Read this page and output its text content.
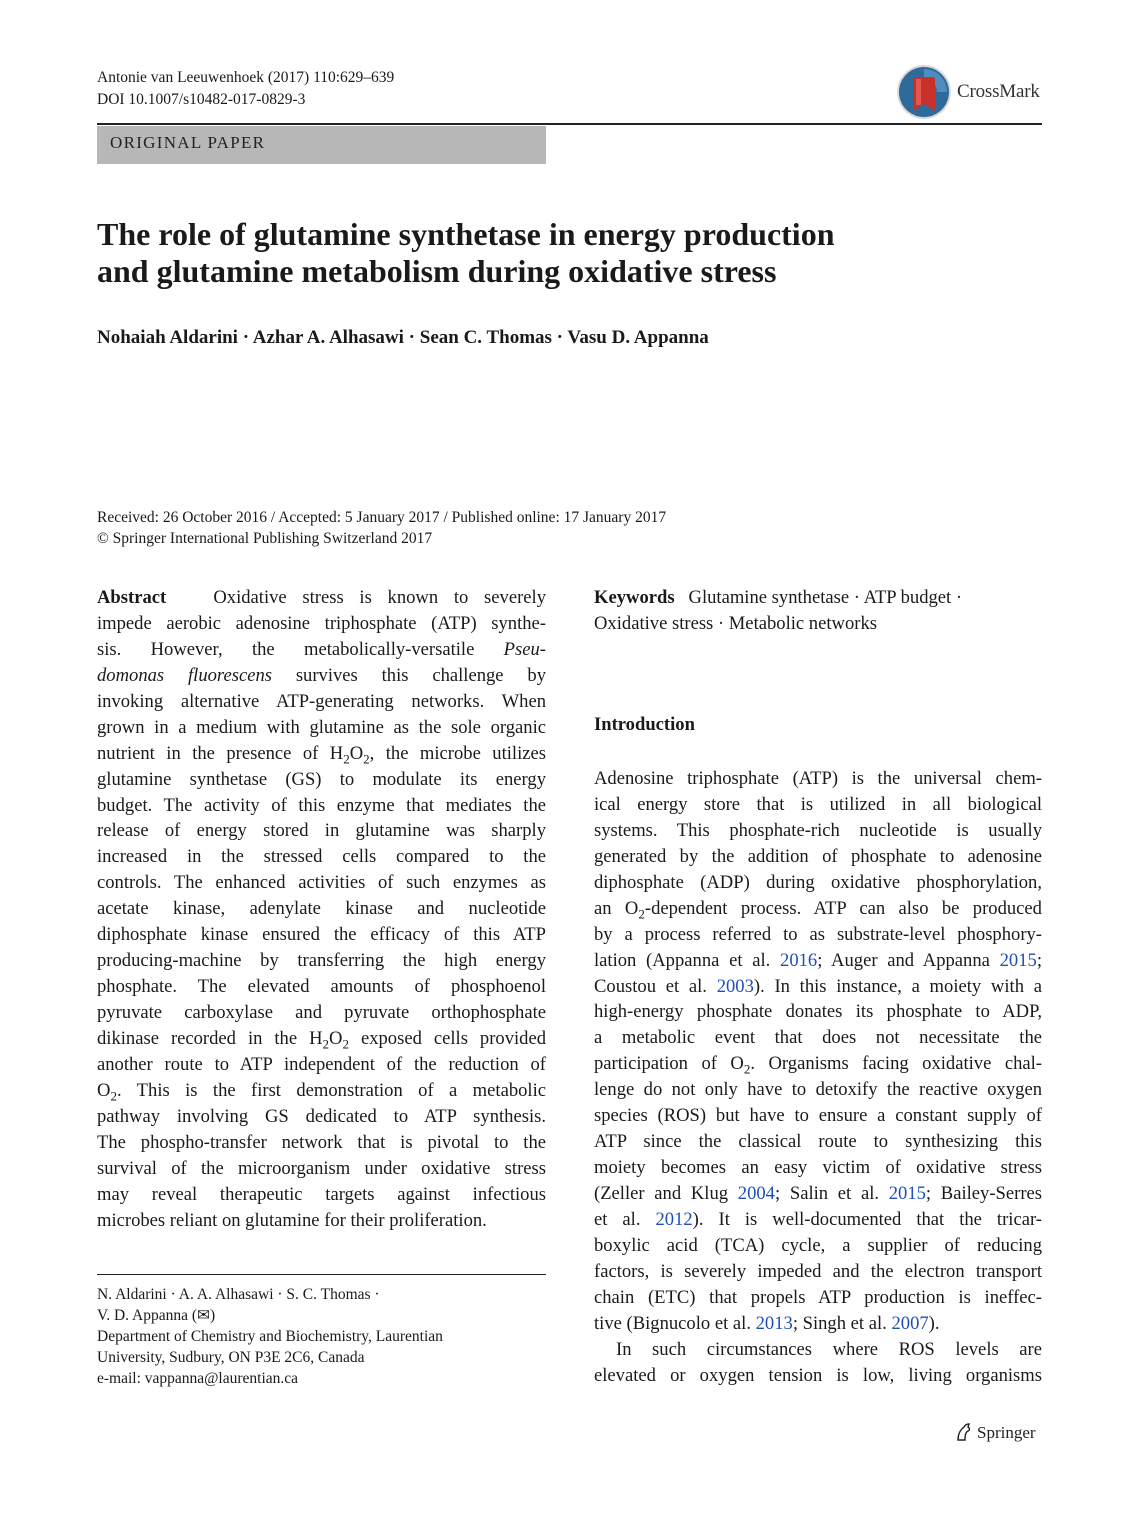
Antonie van Leeuwenhoek (2017) 110:629–639
DOI 10.1007/s10482-017-0829-3	CrossMark
ORIGINAL PAPER
The role of glutamine synthetase in energy production
and glutamine metabolism during oxidative stress
Nohaiah Aldarini · Azhar A. Alhasawi · Sean C. Thomas · Vasu D. Appanna
Received: 26 October 2016 / Accepted: 5 January 2017 / Published online: 17 January 2017
© Springer International Publishing Switzerland 2017
Abstract   Oxidative stress is known to severely
impede aerobic adenosine triphosphate (ATP) synthe-
sis. However, the metabolically-versatile Pseu-
domonas fluorescens survives this challenge by
invoking alternative ATP-generating networks. When
grown in a medium with glutamine as the sole organic
nutrient in the presence of $H_2O_2$, the microbe utilizes
glutamine synthetase (GS) to modulate its energy
budget. The activity of this enzyme that mediates the
release of energy stored in glutamine was sharply
increased in the stressed cells compared to the
controls. The enhanced activities of such enzymes as
acetate kinase, adenylate kinase and nucleotide
diphosphate kinase ensured the efficacy of this ATP
producing-machine by transferring the high energy
phosphate. The elevated amounts of phosphoenol
pyruvate carboxylase and pyruvate orthophosphate
dikinase recorded in the $H_2O_2$ exposed cells provided
another route to ATP independent of the reduction of
$O_2$. This is the first demonstration of a metabolic
pathway involving GS dedicated to ATP synthesis.
The phospho-transfer network that is pivotal to the
survival of the microorganism under oxidative stress
may reveal therapeutic targets against infectious
microbes reliant on glutamine for their proliferation.
Keywords Glutamine synthetase · ATP budget ·
Oxidative stress · Metabolic networks
Introduction
Adenosine triphosphate (ATP) is the universal chem-
ical energy store that is utilized in all biological
systems. This phosphate-rich nucleotide is usually
generated by the addition of phosphate to adenosine
diphosphate (ADP) during oxidative phosphorylation,
an $O_2$-dependent process. ATP can also be produced
by a process referred to as substrate-level phosphory-
lation (Appanna et al. 2016; Auger and Appanna 2015;
Coustou et al. 2003). In this instance, a moiety with a
high-energy phosphate donates its phosphate to ADP,
a metabolic event that does not necessitate the
participation of $O_2$. Organisms facing oxidative chal-
lenge do not only have to detoxify the reactive oxygen
species (ROS) but have to ensure a constant supply of
ATP since the classical route to synthesizing this
moiety becomes an easy victim of oxidative stress
(Zeller and Klug 2004; Salin et al. 2015; Bailey-Serres
et al. 2012). It is well-documented that the tricar-
boxylic acid (TCA) cycle, a supplier of reducing
factors, is severely impeded and the electron transport
chain (ETC) that propels ATP production is ineffec-
tive (Bignucolo et al. 2013; Singh et al. 2007).
In such circumstances where ROS levels are
elevated or oxygen tension is low, living organisms
N. Aldarini · A. A. Alhasawi · S. C. Thomas ·
V. D. Appanna (✉)
Department of Chemistry and Biochemistry, Laurentian
University, Sudbury, ON P3E 2C6, Canada
e-mail: vappanna@laurentian.ca
Springer
